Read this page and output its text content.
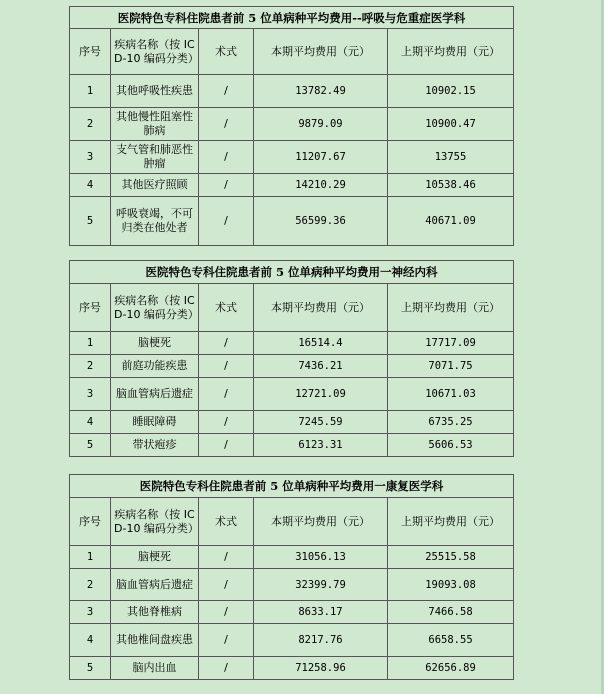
医院特色专科住院患者前 5 位单病种平均费用--呼吸与危重症医学科				
序号	疾病名称（按 ICD-10 编码分类）	术式	本期平均费用（元）	上期平均费用（元）
1	其他呼吸性疾患	/	13782.49	10902.15
2	其他慢性阻塞性肺病	/	9879.09	10900.47
3	支气管和肺恶性肿瘤	/	11207.67	13755
4	其他医疗照顾	/	14210.29	10538.46
5	呼吸衰竭，不可归类在他处者	/	56599.36	40671.09
医院特色专科住院患者前 5 位单病种平均费用一神经内科				
序号	疾病名称（按 ICD-10 编码分类）	术式	本期平均费用（元）	上期平均费用（元）
1	脑梗死	/	16514.4	17717.09
2	前庭功能疾患	/	7436.21	7071.75
3	脑血管病后遗症	/	12721.09	10671.03
4	睡眠障碍	/	7245.59	6735.25
5	带状疱疹	/	6123.31	5606.53
医院特色专科住院患者前 5 位单病种平均费用一康复医学科				
序号	疾病名称（按 ICD-10 编码分类）	术式	本期平均费用（元）	上期平均费用（元）
1	脑梗死	/	31056.13	25515.58
2	脑血管病后遗症	/	32399.79	19093.08
3	其他脊椎病	/	8633.17	7466.58
4	其他椎间盘疾患	/	8217.76	6658.55
5	脑内出血	/	71258.96	62656.89
